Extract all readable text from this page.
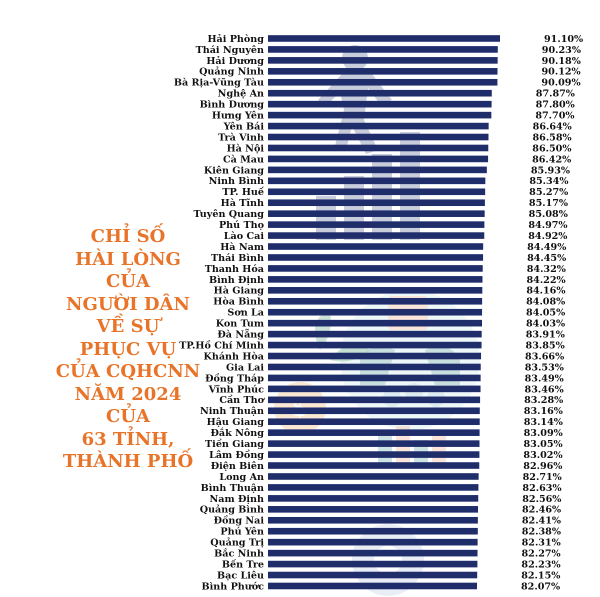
CHỈ SỐ
HÀI LÒNG
CỦA
NGƯỜI DÂN
VỀ SỰ
PHỤC VỤ
CỦA CQHCNN
NĂM 2024
CỦA
63 TỈNH,
THÀNH PHỐ
Hải Phòng	91.10%
Thái Nguyên	90.23%
Hải Dương	90.18%
Quảng Ninh	90.12%
Bà Rịa-Vũng Tàu	90.09%
Nghệ An	87.87%
Bình Dương	87.80%
Hưng Yên	87.70%
Yên Bái	86.64%
Trà Vinh	86.58%
Hà Nội	86.50%
Cà Mau	86.42%
Kiên Giang	85.93%
Ninh Bình	85.34%
TP. Huế	85.27%
Hà Tĩnh	85.17%
Tuyên Quang	85.08%
Phú Thọ	84.97%
Lào Cai	84.92%
Hà Nam	84.49%
Thái Bình	84.45%
Thanh Hóa	84.32%
Bình Định	84.22%
Hà Giang	84.16%
Hòa Bình	84.08%
Sơn La	84.05%
Kon Tum	84.03%
Đà Nẵng	83.91%
TP.Hồ Chí Minh	83.85%
Khánh Hòa	83.66%
Gia Lai	83.53%
Đồng Tháp	83.49%
Vĩnh Phúc	83.46%
Cần Thơ	83.28%
Ninh Thuận	83.16%
Hậu Giang	83.14%
Đắk Nông	83.09%
Tiền Giang	83.05%
Lâm Đồng	83.02%
Điện Biên	82.96%
Long An	82.71%
Bình Thuận	82.63%
Nam Định	82.56%
Quảng Bình	82.46%
Đồng Nai	82.41%
Phú Yên	82.38%
Quảng Trị	82.31%
Bắc Ninh	82.27%
Bến Tre	82.23%
Bạc Liêu	82.15%
Bình Phước	82.07%
